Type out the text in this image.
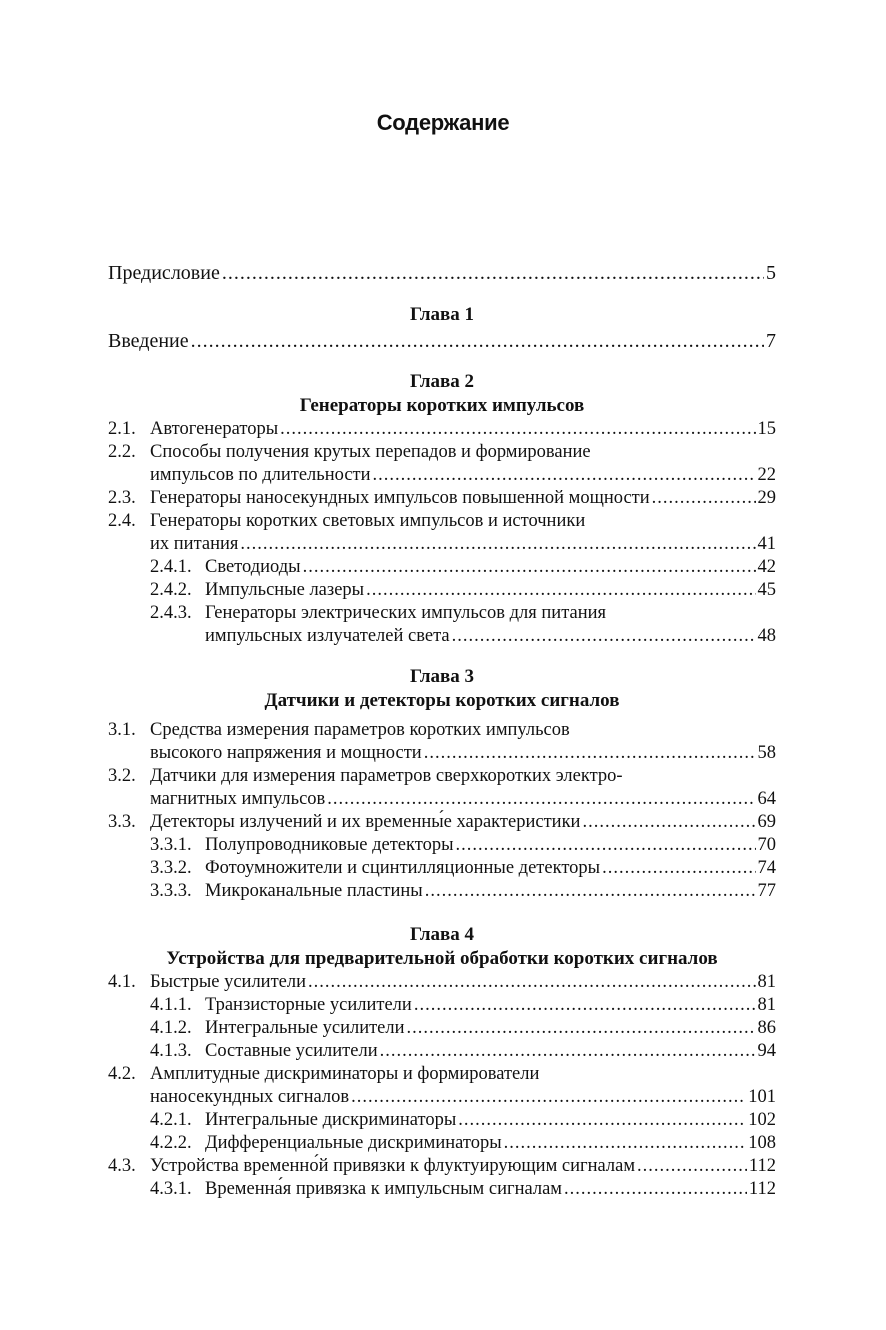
Содержание
Предисловие .....	5
Глава 1
Введение .....	7
Глава 2
Генераторы коротких импульсов
2.1. Автогенераторы .....	15
2.2. Способы получения крутых перепадов и формирование
импульсов по длительности .....	22
2.3. Генераторы наносекундных импульсов повышенной мощности .....	29
2.4. Генераторы коротких световых импульсов и источники
их питания .....	41
2.4.1. Светодиоды .....	42
2.4.2. Импульсные лазеры .....	45
2.4.3. Генераторы электрических импульсов для питания
импульсных излучателей света .....	48
Глава 3
Датчики и детекторы коротких сигналов
3.1. Средства измерения параметров коротких импульсов
высокого напряжения и мощности .....	58
3.2. Датчики для измерения параметров сверхкоротких электро-
магнитных импульсов .....	64
3.3. Детекторы излучений и их временны́е характеристики .....	69
3.3.1. Полупроводниковые детекторы .....	70
3.3.2. Фотоумножители и сцинтилляционные детекторы .....	74
3.3.3. Микроканальные пластины .....	77
Глава 4
Устройства для предварительной обработки коротких сигналов
4.1. Быстрые усилители .....	81
4.1.1. Транзисторные усилители .....	81
4.1.2. Интегральные усилители .....	86
4.1.3. Составные усилители .....	94
4.2. Амплитудные дискриминаторы и формирователи
наносекундных сигналов .....	101
4.2.1. Интегральные дискриминаторы .....	102
4.2.2. Дифференциальные дискриминаторы .....	108
4.3. Устройства временно́й привязки к флуктуирующим сигналам .....	112
4.3.1. Временна́я привязка к импульсным сигналам .....	112
